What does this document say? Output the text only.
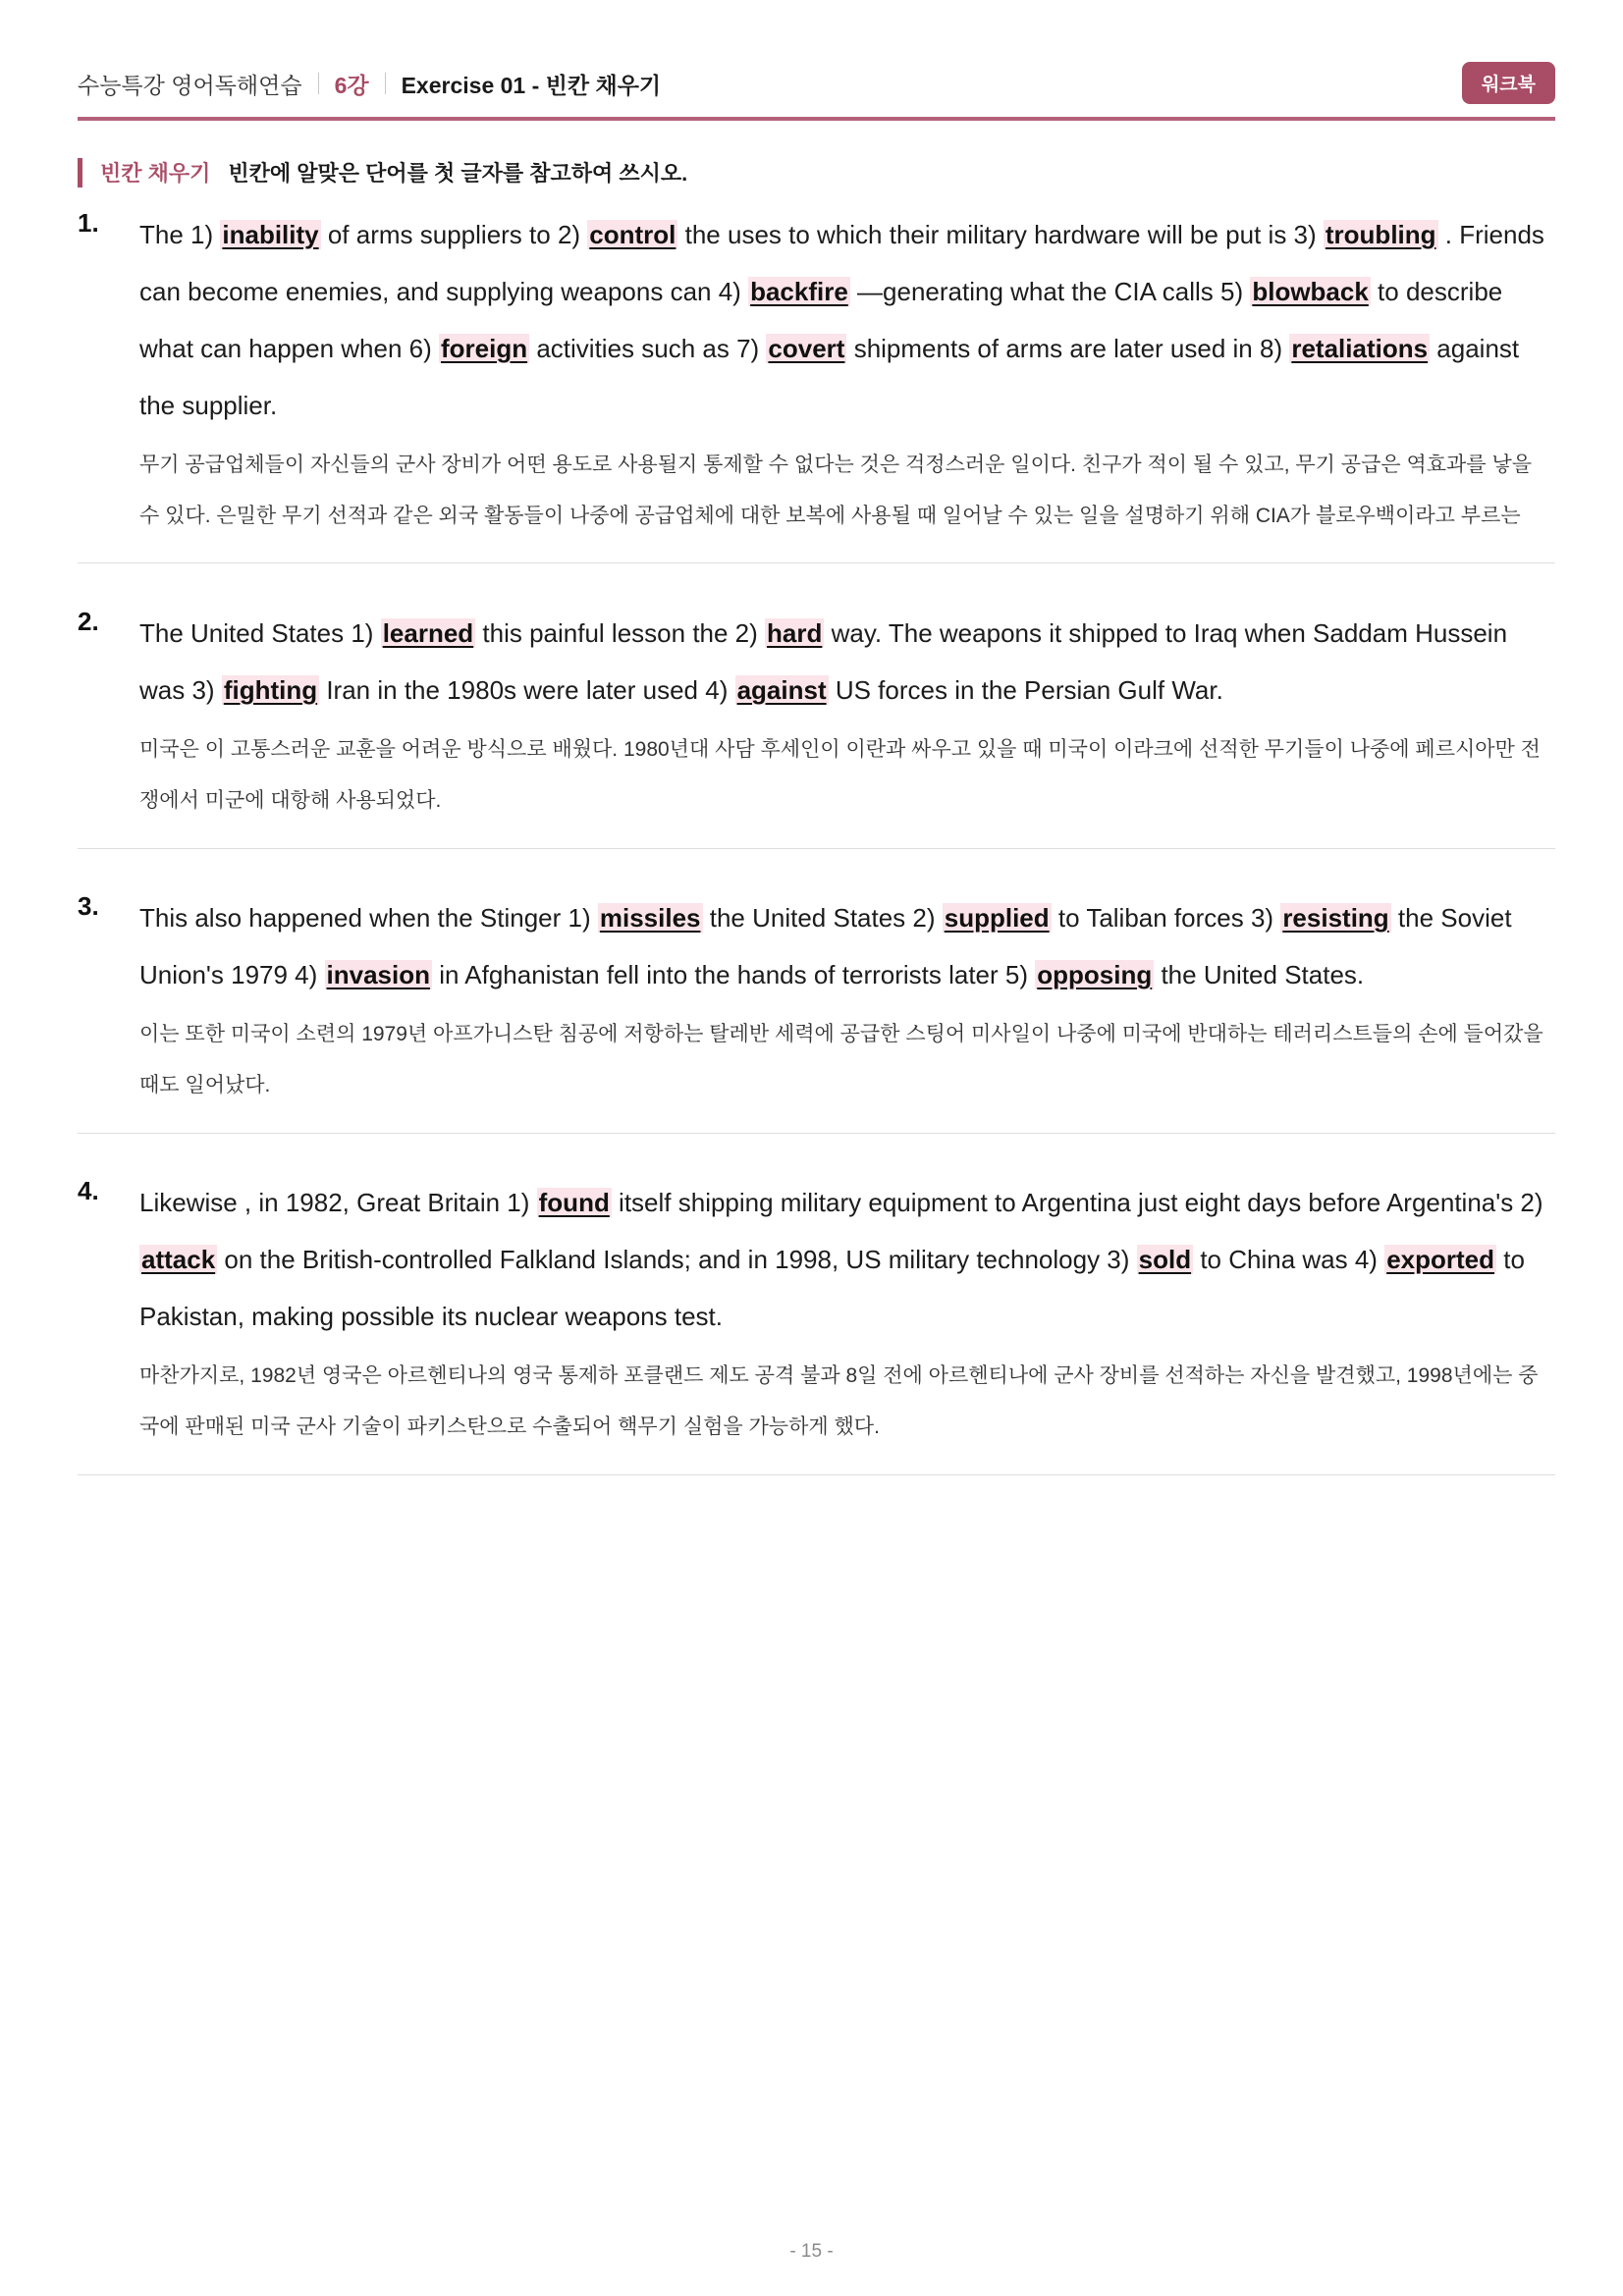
수능특강 영어독해연습 6강 Exercise 01 - 빈칸 채우기	워크북
빈칸 채우기 빈칸에 알맞은 단어를 첫 글자를 참고하여 쓰시오.
1. The 1) inability of arms suppliers to 2) control the uses to which their military hardware will be put is 3) troubling . Friends can become enemies, and supplying weapons can 4) backfire —generating what the CIA calls 5) blowback to describe what can happen when 6) foreign activities such as 7) covert shipments of arms are later used in 8) retaliations against the supplier.
무기 공급업체들이 자신들의 군사 장비가 어떤 용도로 사용될지 통제할 수 없다는 것은 걱정스러운 일이다. 친구가 적이 될 수 있고, 무기 공급은 역효과를 낳을 수 있다. 은밀한 무기 선적과 같은 외국 활동들이 나중에 공급업체에 대한 보복에 사용될 때 일어날 수 있는 일을 설명하기 위해 CIA가 블로우백이라고 부르는
2. The United States 1) learned this painful lesson the 2) hard way. The weapons it shipped to Iraq when Saddam Hussein was 3) fighting Iran in the 1980s were later used 4) against US forces in the Persian Gulf War.
미국은 이 고통스러운 교훈을 어려운 방식으로 배웠다. 1980년대 사담 후세인이 이란과 싸우고 있을 때 미국이 이라크에 선적한 무기들이 나중에 페르시아만 전쟁에서 미군에 대항해 사용되었다.
3. This also happened when the Stinger 1) missiles the United States 2) supplied to Taliban forces 3) resisting the Soviet Union's 1979 4) invasion in Afghanistan fell into the hands of terrorists later 5) opposing the United States.
이는 또한 미국이 소련의 1979년 아프가니스탄 침공에 저항하는 탈레반 세력에 공급한 스팅어 미사일이 나중에 미국에 반대하는 테러리스트들의 손에 들어갔을 때도 일어났다.
4. Likewise , in 1982, Great Britain 1) found itself shipping military equipment to Argentina just eight days before Argentina's 2) attack on the British-controlled Falkland Islands; and in 1998, US military technology 3) sold to China was 4) exported to Pakistan, making possible its nuclear weapons test.
마찬가지로, 1982년 영국은 아르헨티나의 영국 통제하 포클랜드 제도 공격 불과 8일 전에 아르헨티나에 군사 장비를 선적하는 자신을 발견했고, 1998년에는 중국에 판매된 미국 군사 기술이 파키스탄으로 수출되어 핵무기 실험을 가능하게 했다.
- 15 -
